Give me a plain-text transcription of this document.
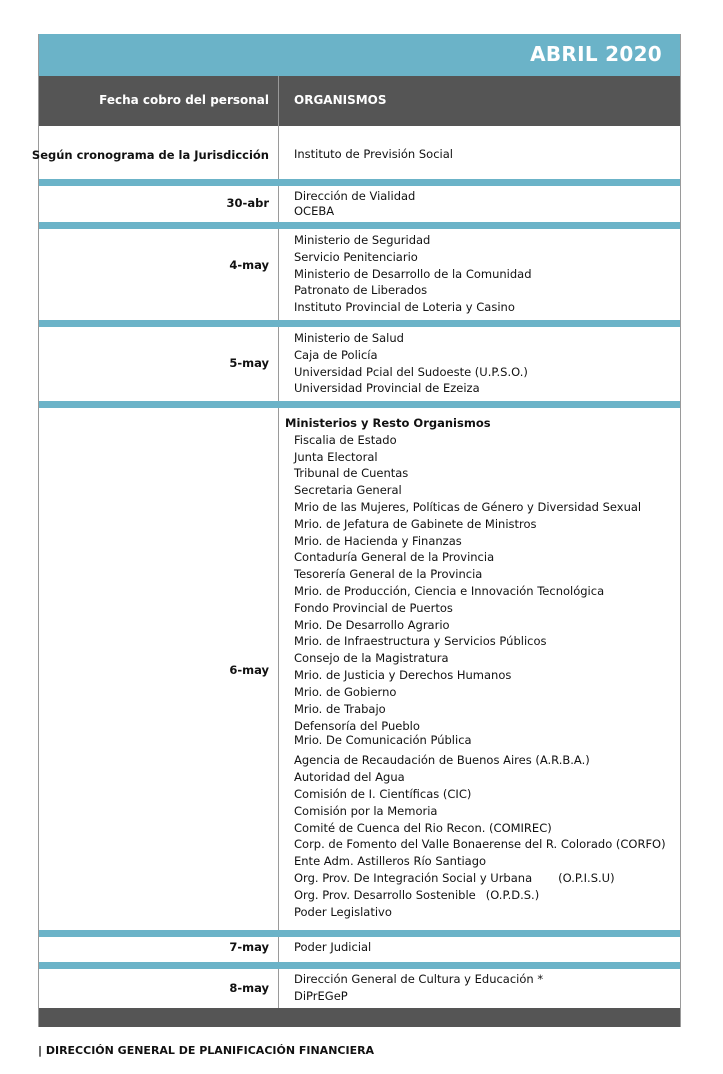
ABRIL 2020
Fecha cobro del personal ORGANISMOS
Según cronograma de la Jurisdicción Instituto de Previsión Social
30-abr Dirección de Vialidad
OCEBA
4-may
Ministerio de Seguridad
Servicio Penitenciario
Ministerio de Desarrollo de la Comunidad
Patronato de Liberados
Instituto Provincial de Loteria y Casino
5-may
Ministerio de Salud
Caja de Policía
Universidad Pcial del Sudoeste (U.P.S.O.)
Universidad Provincial de Ezeiza
6-may
Ministerios y Resto Organismos
Fiscalia de Estado
Junta Electoral
Tribunal de Cuentas
Secretaria General
Mrio de las Mujeres, Políticas de Género y Diversidad Sexual
Mrio. de Jefatura de Gabinete de Ministros
Mrio. de Hacienda y Finanzas
Contaduría General de la Provincia
Tesorería General de la Provincia
Mrio. de Producción, Ciencia e Innovación Tecnológica
Fondo Provincial de Puertos
Mrio. De Desarrollo Agrario
Mrio. de Infraestructura y Servicios Públicos
Consejo de la Magistratura
Mrio. de Justicia y Derechos Humanos
Mrio. de Gobierno
Mrio. de Trabajo
Defensoría del Pueblo
Mrio. De Comunicación Pública
Agencia de Recaudación de Buenos Aires (A.R.B.A.)
Autoridad del Agua
Comisión de I. Científicas (CIC)
Comisión por la Memoria
Comité de Cuenca del Rio Recon. (COMIREC)
Corp. de Fomento del Valle Bonaerense del R. Colorado (CORFO)
Ente Adm. Astilleros Río Santiago
Org. Prov. De Integración Social y Urbana (O.P.I.S.U)
Org. Prov. Desarrollo Sostenible (O.P.D.S.)
Poder Legislativo
7-may Poder Judicial
8-may
Dirección General de Cultura y Educación *
DiPrEGeP
| DIRECCIÓN GENERAL DE PLANIFICACIÓN FINANCIERA
